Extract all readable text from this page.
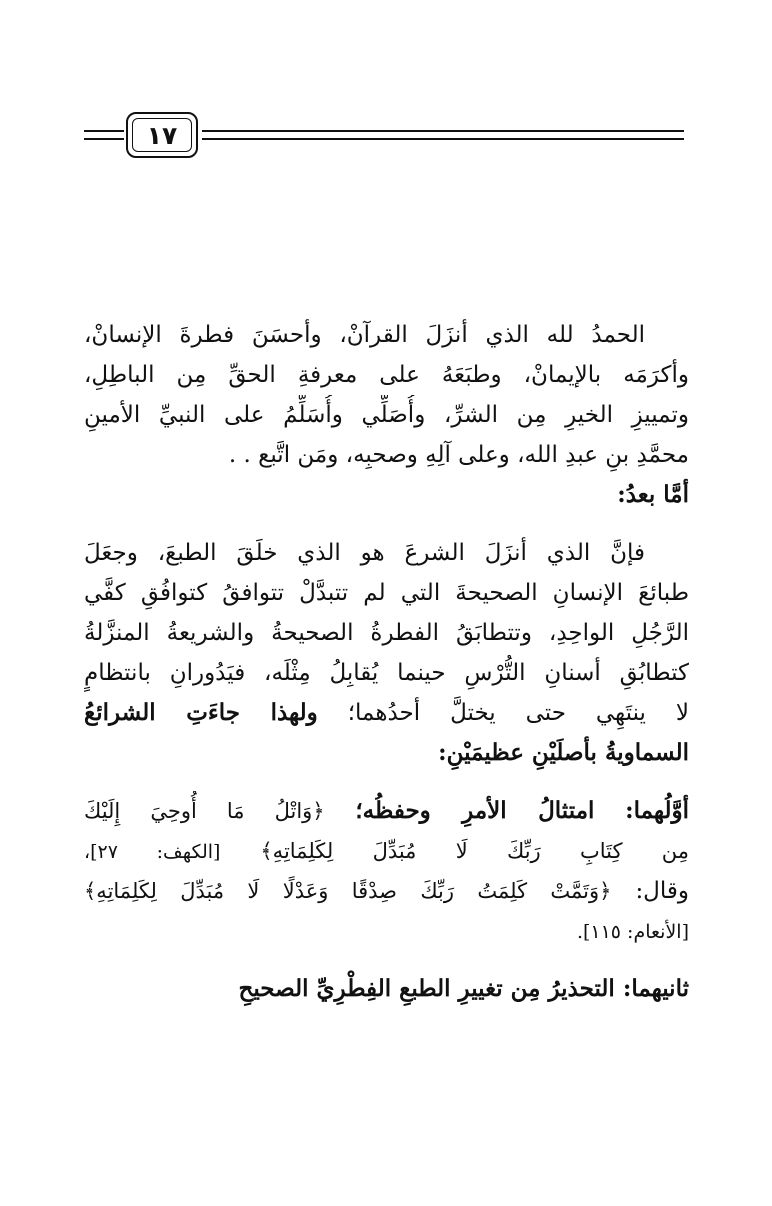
١٧
الحمدُ لله الذي أنزَلَ القرآنْ، وأحسَنَ فطرةَ الإنسانْ،
وأكرَمَه بالإيمانْ، وطبَعَهُ على معرفةِ الحقِّ مِن الباطِلِ،
وتمييزِ الخيرِ مِن الشرِّ، وأُصَلِّي وأُسَلِّمُ على النبيِّ الأمينِ
محمَّدِ بنِ عبدِ الله، وعلى آلِهِ وصحبِه، ومَن اتَّبع . .
أمَّا بعدُ:
فإنَّ الذي أنزَلَ الشرعَ هو الذي خلَقَ الطبعَ، وجعَلَ
طبائعَ الإنسانِ الصحيحةَ التي لم تتبدَّلْ تتوافقُ كتوافُقِ كفَّي
الرَّجُلِ الواحِدِ، وتتطابَقُ الفطرةُ الصحيحةُ والشريعةُ المنزَّلةُ
كتطابُقِ أسنانِ التُّرْسِ حينما يُقابِلُ مِثْلَه، فيَدُورانِ بانتظامٍ
لا ينتَهِي حتى يختلَّ أحدُهما؛ ولهذا جاءَتِ الشرائعُ
السماويةُ بأصلَيْنِ عظيمَيْنِ:
أوَّلُهما: امتثالُ الأمرِ وحفظُه؛ ﴿وَاتْلُ مَا أُوحِيَ إِلَيْكَ
مِن كِتَابِ رَبِّكَ لَا مُبَدِّلَ لِكَلِمَاتِهِ﴾ [الكهف: ٢٧]،
وقال: ﴿وَتَمَّتْ كَلِمَتُ رَبِّكَ صِدْقًا وَعَدْلًا لَا مُبَدِّلَ لِكَلِمَاتِهِ﴾
[الأنعام: ١١٥].
ثانيهما: التحذيرُ مِن تغييرِ الطبعِ الفِطْرِيِّ الصحيحِ
